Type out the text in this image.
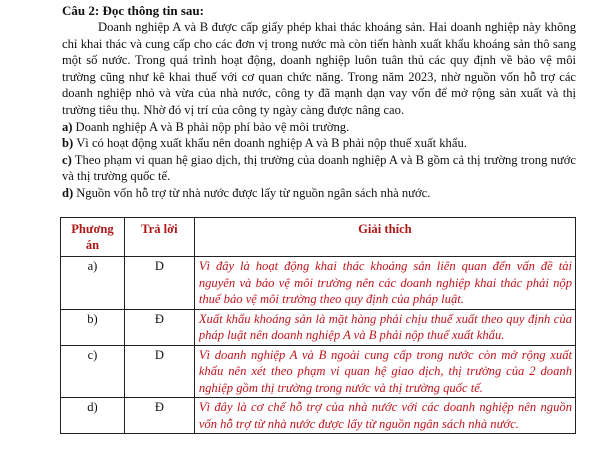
Câu 2: Đọc thông tin sau:

Doanh nghiệp A và B được cấp giấy phép khai thác khoáng sản. Hai doanh nghiệp này không chỉ khai thác và cung cấp cho các đơn vị trong nước mà còn tiến hành xuất khẩu khoáng sản thô sang một số nước. Trong quá trình hoạt động, doanh nghiệp luôn tuân thủ các quy định về bảo vệ môi trường cũng như kê khai thuế với cơ quan chức năng. Trong năm 2023, nhờ nguồn vốn hỗ trợ các doanh nghiệp nhỏ và vừa của nhà nước, công ty đã mạnh dạn vay vốn để mở rộng sản xuất và thị trường tiêu thụ. Nhờ đó vị trí của công ty ngày càng được nâng cao.

a) Doanh nghiệp A và B phải nộp phí bảo vệ môi trường.

b) Vì có hoạt động xuất khẩu nên doanh nghiệp A và B phải nộp thuế xuất khẩu.

c) Theo phạm vi quan hệ giao dịch, thị trường của doanh nghiệp A và B gồm cả thị trường trong nước và thị trường quốc tế.

d) Nguồn vốn hỗ trợ từ nhà nước được lấy từ nguồn ngân sách nhà nước.

Phương án	Trả lời	Giải thích
a)	D	Vì đây là hoạt động khai thác khoáng sản liên quan đến vấn đề tài nguyên và bảo vệ môi trường nên các doanh nghiệp khai thác phải nộp thuế bảo vệ môi trường theo quy định của pháp luật.
b)	Đ	Xuất khẩu khoáng sản là mặt hàng phải chịu thuế xuất theo quy định của pháp luật nên doanh nghiệp A và B phải nộp thuế xuất khẩu.
c)	D	Vì doanh nghiệp A và B ngoài cung cấp trong nước còn mở rộng xuất khẩu nên xét theo phạm vi quan hệ giao dịch, thị trường của 2 doanh nghiệp gồm thị trường trong nước và thị trường quốc tế.
d)	Đ	Vì đây là cơ chế hỗ trợ của nhà nước với các doanh nghiệp nên nguồn vốn hỗ trợ từ nhà nước được lấy từ nguồn ngân sách nhà nước.
